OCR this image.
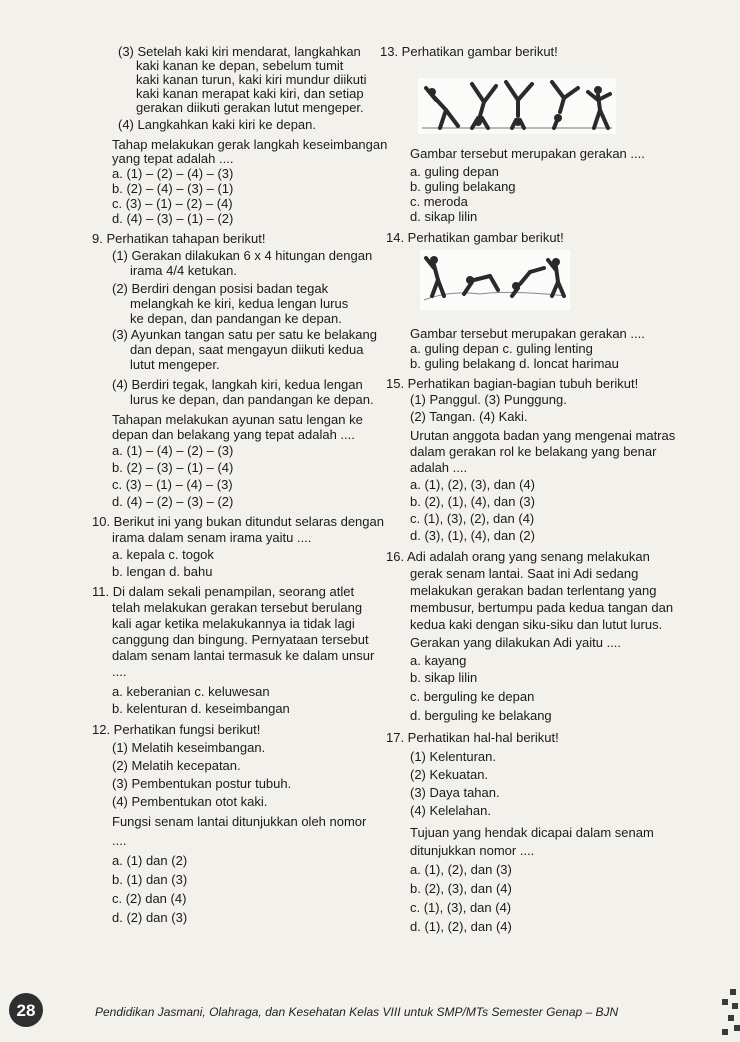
(3) Setelah kaki kiri mendarat, langkahkan
kaki kanan ke depan, sebelum tumit
kaki kanan turun, kaki kiri mundur diikuti
kaki kanan merapat kaki kiri, dan setiap
gerakan diikuti gerakan lutut mengeper.
(4) Langkahkan kaki kiri ke depan.
Tahap melakukan gerak langkah keseimbangan
yang tepat adalah ....
a. (1) – (2) – (4) – (3)
b. (2) – (4) – (3) – (1)
c. (3) – (1) – (2) – (4)
d. (4) – (3) – (1) – (2)
9. Perhatikan tahapan berikut!
(1) Gerakan dilakukan 6 x 4 hitungan dengan
irama 4/4 ketukan.
(2) Berdiri dengan posisi badan tegak
melangkah ke kiri, kedua lengan lurus
ke depan, dan pandangan ke depan.
(3) Ayunkan tangan satu per satu ke belakang
dan depan, saat mengayun diikuti kedua
lutut mengeper.
(4) Berdiri tegak, langkah kiri, kedua lengan
lurus ke depan, dan pandangan ke depan.
Tahapan melakukan ayunan satu lengan ke
depan dan belakang yang tepat adalah ....
a. (1) – (4) – (2) – (3)
b. (2) – (3) – (1) – (4)
c. (3) – (1) – (4) – (3)
d. (4) – (2) – (3) – (2)
10. Berikut ini yang bukan ditundut selaras dengan
irama dalam senam irama yaitu ....
a. kepala c. togok
b. lengan d. bahu
11. Di dalam sekali penampilan, seorang atlet
telah melakukan gerakan tersebut berulang
kali agar ketika melakukannya ia tidak lagi
canggung dan bingung. Pernyataan tersebut
dalam senam lantai termasuk ke dalam unsur
....
a. keberanian c. keluwesan
b. kelenturan d. keseimbangan
12. Perhatikan fungsi berikut!
(1) Melatih keseimbangan.
(2) Melatih kecepatan.
(3) Pembentukan postur tubuh.
(4) Pembentukan otot kaki.
Fungsi senam lantai ditunjukkan oleh nomor
....
a. (1) dan (2)
b. (1) dan (3)
c. (2) dan (4)
d. (2) dan (3)
13. Perhatikan gambar berikut!
Gambar tersebut merupakan gerakan ....
a. guling depan
b. guling belakang
c. meroda
d. sikap lilin
14. Perhatikan gambar berikut!
Gambar tersebut merupakan gerakan ....
a. guling depan c. guling lenting
b. guling belakang d. loncat harimau
15. Perhatikan bagian-bagian tubuh berikut!
(1) Panggul. (3) Punggung.
(2) Tangan. (4) Kaki.
Urutan anggota badan yang mengenai matras
dalam gerakan rol ke belakang yang benar
adalah ....
a. (1), (2), (3), dan (4)
b. (2), (1), (4), dan (3)
c. (1), (3), (2), dan (4)
d. (3), (1), (4), dan (2)
16. Adi adalah orang yang senang melakukan
gerak senam lantai. Saat ini Adi sedang
melakukan gerakan badan terlentang yang
membusur, bertumpu pada kedua tangan dan
kedua kaki dengan siku-siku dan lutut lurus.
Gerakan yang dilakukan Adi yaitu ....
a. kayang
b. sikap lilin
c. berguling ke depan
d. berguling ke belakang
17. Perhatikan hal-hal berikut!
(1) Kelenturan.
(2) Kekuatan.
(3) Daya tahan.
(4) Kelelahan.
Tujuan yang hendak dicapai dalam senam
ditunjukkan nomor ....
a. (1), (2), dan (3)
b. (2), (3), dan (4)
c. (1), (3), dan (4)
d. (1), (2), dan (4)
28	Pendidikan Jasmani, Olahraga, dan Kesehatan Kelas VIII untuk SMP/MTs Semester Genap – BJN
